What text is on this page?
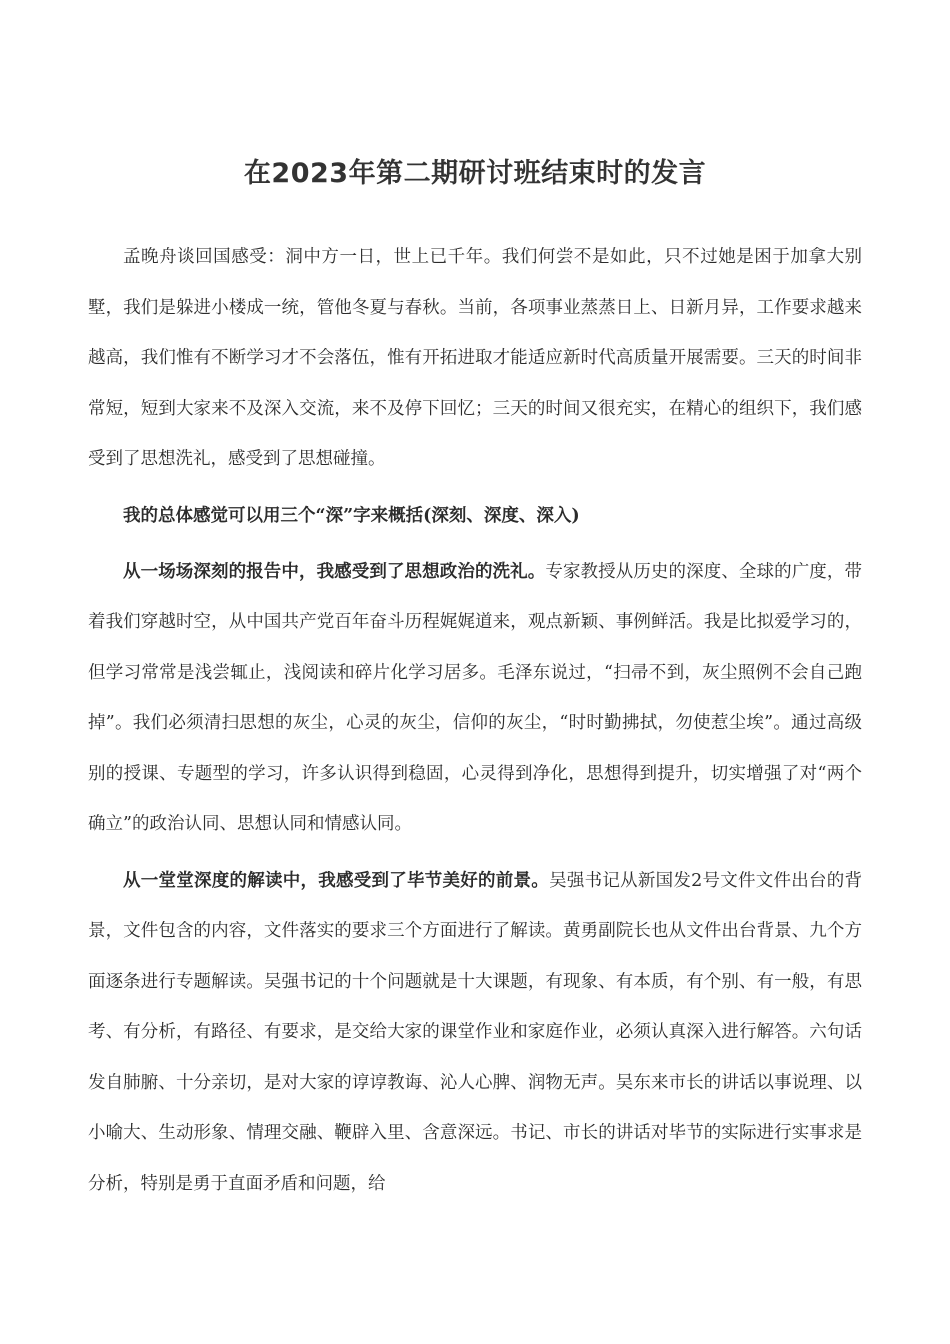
在2023年第二期研讨班结束时的发言

孟晚舟谈回国感受：洞中方一日，世上已千年。我们何尝不是如此，只不过她是困于加拿大别墅，我们是躲进小楼成一统，管他冬夏与春秋。当前，各项事业蒸蒸日上、日新月异，工作要求越来越高，我们惟有不断学习才不会落伍，惟有开拓进取才能适应新时代高质量开展需要。三天的时间非常短，短到大家来不及深入交流，来不及停下回忆；三天的时间又很充实，在精心的组织下，我们感受到了思想洗礼，感受到了思想碰撞。

我的总体感觉可以用三个“深”字来概括(深刻、深度、深入)

从一场场深刻的报告中，我感受到了思想政治的洗礼。专家教授从历史的深度、全球的广度，带着我们穿越时空，从中国共产党百年奋斗历程娓娓道来，观点新颖、事例鲜活。我是比拟爱学习的，但学习常常是浅尝辄止，浅阅读和碎片化学习居多。毛泽东说过，“扫帚不到，灰尘照例不会自己跑掉”。我们必须清扫思想的灰尘，心灵的灰尘，信仰的灰尘，“时时勤拂拭，勿使惹尘埃”。通过高级别的授课、专题型的学习，许多认识得到稳固，心灵得到净化，思想得到提升，切实增强了对“两个确立”的政治认同、思想认同和情感认同。

从一堂堂深度的解读中，我感受到了毕节美好的前景。吴强书记从新国发2号文件文件出台的背景，文件包含的内容，文件落实的要求三个方面进行了解读。黄勇副院长也从文件出台背景、九个方面逐条进行专题解读。吴强书记的十个问题就是十大课题，有现象、有本质，有个别、有一般，有思考、有分析，有路径、有要求，是交给大家的课堂作业和家庭作业，必须认真深入进行解答。六句话发自肺腑、十分亲切，是对大家的谆谆教诲、沁人心脾、润物无声。吴东来市长的讲话以事说理、以小喻大、生动形象、情理交融、鞭辟入里、含意深远。书记、市长的讲话对毕节的实际进行实事求是分析，特别是勇于直面矛盾和问题，给
